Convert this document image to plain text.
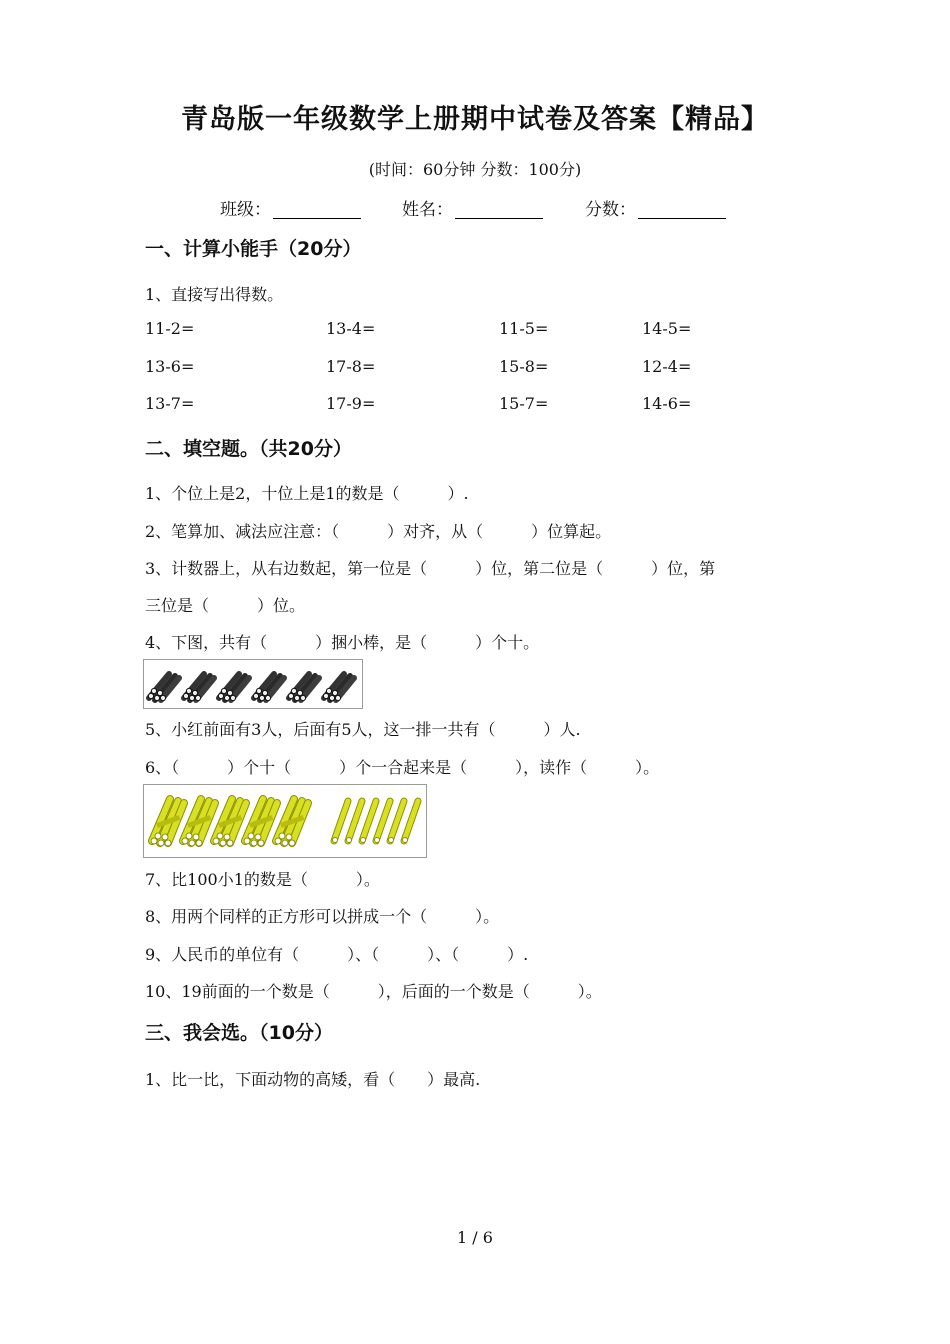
青岛版一年级数学上册期中试卷及答案【精品】
(时间：60分钟 分数：100分)
班级：	姓名：	分数：
一、计算小能手（20分）
1、直接写出得数。
11-2=	13-4=	11-5=	14-5=
13-6=	17-8=	15-8=	12-4=
13-7=	17-9=	15-7=	14-6=
二、填空题。（共20分）
1、个位上是2，十位上是1的数是（　　　）.
2、笔算加、减法应注意：（　　　）对齐，从（　　　）位算起。
3、计数器上，从右边数起，第一位是（　　　）位，第二位是（　　　）位，第
三位是（　　　）位。
4、下图，共有（　　　）捆小棒，是（　　　）个十。
5、小红前面有3人，后面有5人，这一排一共有（　　　）人.
6、（　　　）个十（　　　）个一合起来是（　　　），读作（　　　）。
7、比100小1的数是（　　　）。
8、用两个同样的正方形可以拼成一个（　　　）。
9、人民币的单位有（　　　）、（　　　）、（　　　）.
10、19前面的一个数是（　　　），后面的一个数是（　　　）。
三、我会选。（10分）
1、比一比，下面动物的高矮，看（　　）最高.
1 / 6
